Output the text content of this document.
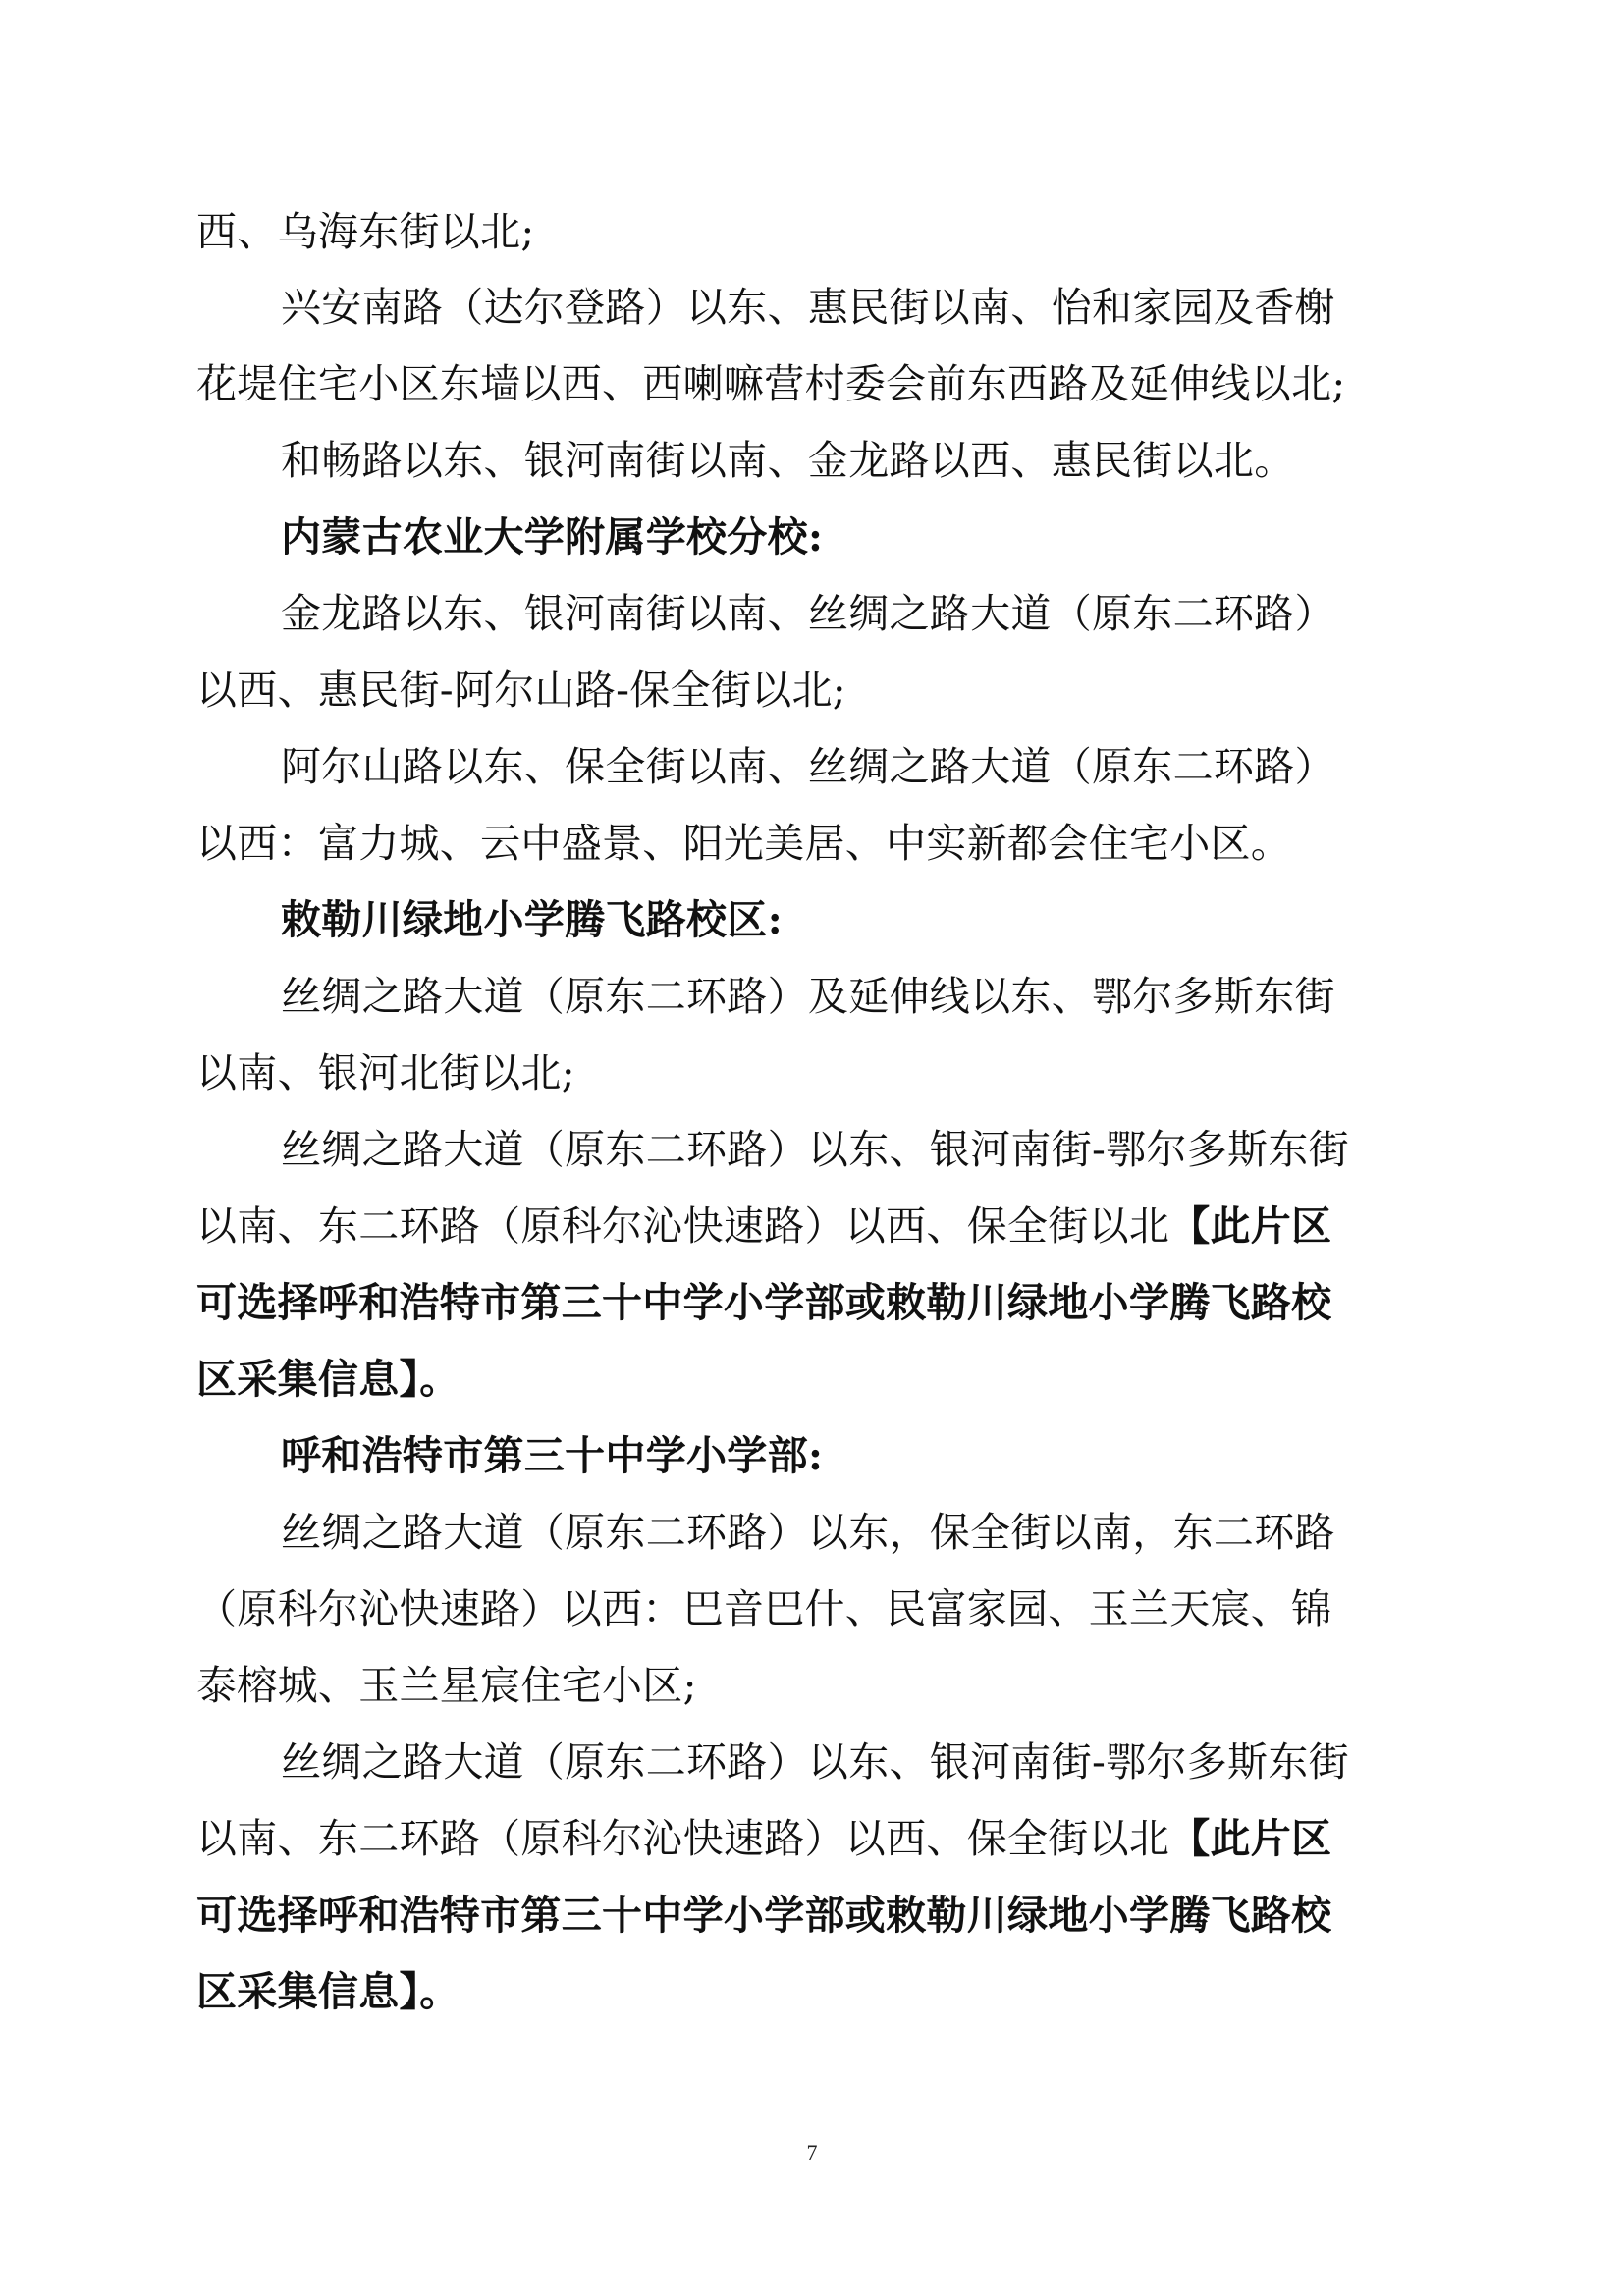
西、乌海东街以北;
兴安南路（达尔登路）以东、惠民街以南、怡和家园及香榭
花堤住宅小区东墙以西、西喇嘛营村委会前东西路及延伸线以北;
和畅路以东、银河南街以南、金龙路以西、惠民街以北。
内蒙古农业大学附属学校分校:
金龙路以东、银河南街以南、丝绸之路大道（原东二环路）
以西、惠民街-阿尔山路-保全街以北;
阿尔山路以东、保全街以南、丝绸之路大道（原东二环路）
以西：富力城、云中盛景、阳光美居、中实新都会住宅小区。
敕勒川绿地小学腾飞路校区:
丝绸之路大道（原东二环路）及延伸线以东、鄂尔多斯东街
以南、银河北街以北;
丝绸之路大道（原东二环路）以东、银河南街-鄂尔多斯东街
以南、东二环路（原科尔沁快速路）以西、保全街以北【此片区
可选择呼和浩特市第三十中学小学部或敕勒川绿地小学腾飞路校
区采集信息】。
呼和浩特市第三十中学小学部:
丝绸之路大道（原东二环路）以东，保全街以南，东二环路
（原科尔沁快速路）以西：巴音巴什、民富家园、玉兰天宸、锦
泰榕城、玉兰星宸住宅小区;
丝绸之路大道（原东二环路）以东、银河南街-鄂尔多斯东街
以南、东二环路（原科尔沁快速路）以西、保全街以北【此片区
可选择呼和浩特市第三十中学小学部或敕勒川绿地小学腾飞路校
区采集信息】。
7
